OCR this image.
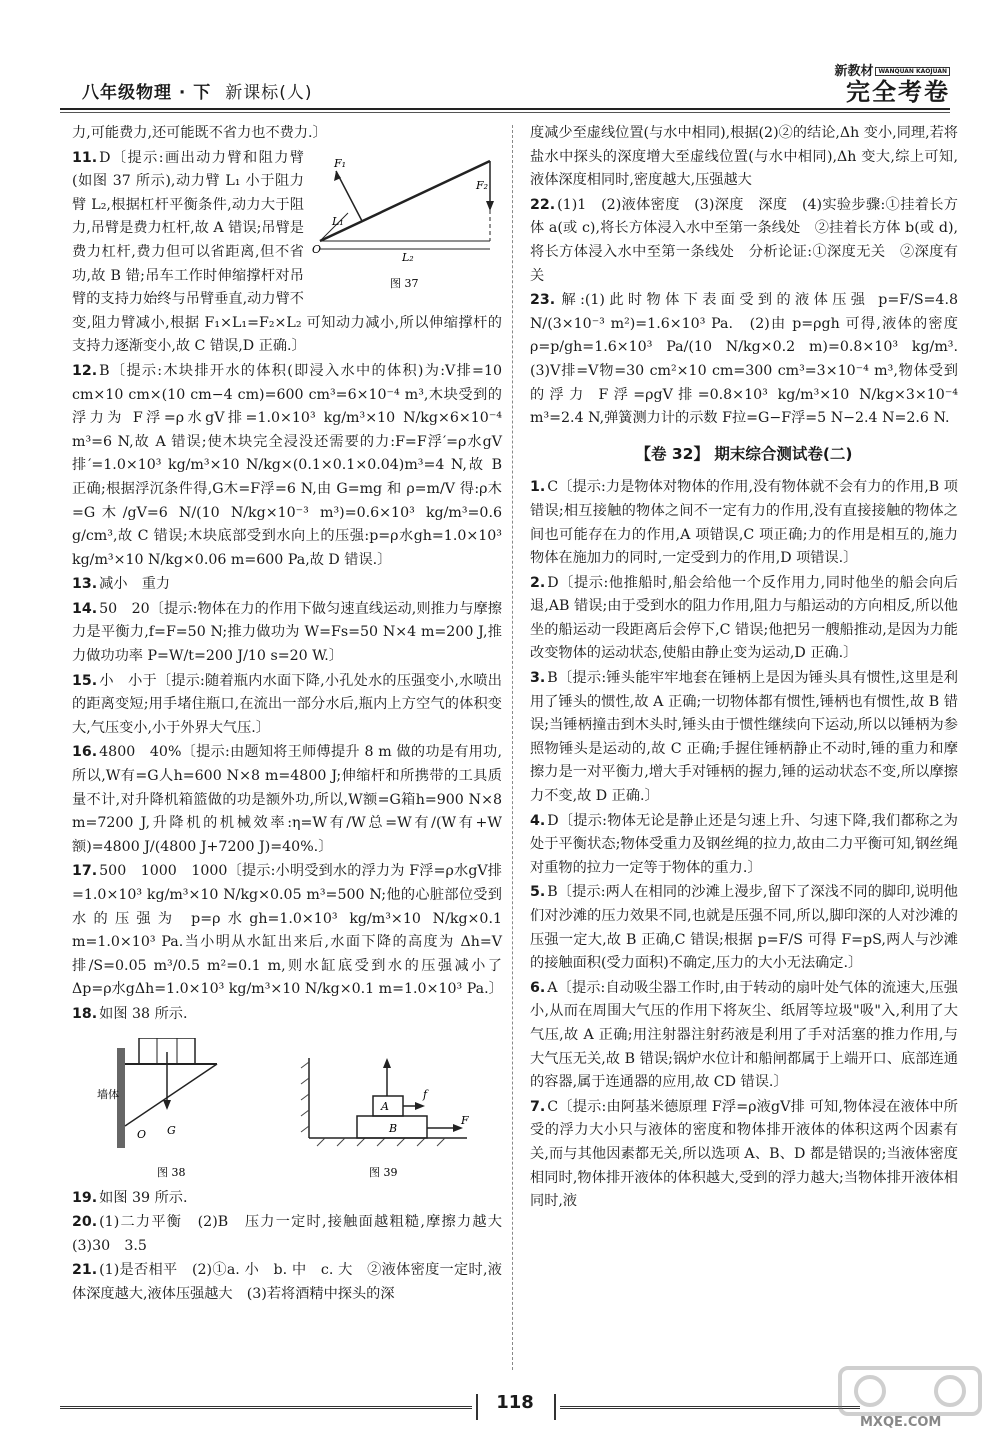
八年级物理 · 下 新课标(人)
新教材 WANQUAN KAOJUAN
完全考卷
力,可能费力,还可能既不省力也不费力.〕
F₁
F₂
L₁
L₂
O
图 37
11. D〔提示:画出动力臂和阻力臂(如图 37 所示),动力臂 L₁ 小于阻力臂 L₂,根据杠杆平衡条件,动力大于阻力,吊臂是费力杠杆,故 A 错误;吊臂是费力杠杆,费力但可以省距离,但不省功,故 B 错;吊车工作时伸缩撑杆对吊臂的支持力始终与吊臂垂直,动力臂不变,阻力臂减小,根据 F₁×L₁=F₂×L₂ 可知动力减小,所以伸缩撑杆的支持力逐渐变小,故 C 错误,D 正确.〕
12. B〔提示:木块排开水的体积(即浸入水中的体积)为:V排=10 cm×10 cm×(10 cm−4 cm)=600 cm³=6×10⁻⁴ m³,木块受到的浮力为 F浮=ρ水gV排=1.0×10³ kg/m³×10 N/kg×6×10⁻⁴ m³=6 N,故 A 错误;使木块完全浸没还需要的力:F=F浮′=ρ水gV排′=1.0×10³ kg/m³×10 N/kg×(0.1×0.1×0.04)m³=4 N,故 B 正确;根据浮沉条件得,G木=F浮=6 N,由 G=mg 和 ρ=m/V 得:ρ木=G木/gV=6 N/(10 N/kg×10⁻³ m³)=0.6×10³ kg/m³=0.6 g/cm³,故 C 错误;木块底部受到水向上的压强:p=ρ水gh=1.0×10³ kg/m³×10 N/kg×0.06 m=600 Pa,故 D 错误.〕
13. 减小　重力
14. 50　20〔提示:物体在力的作用下做匀速直线运动,则推力与摩擦力是平衡力,f=F=50 N;推力做功为 W=Fs=50 N×4 m=200 J,推力做功功率 P=W/t=200 J/10 s=20 W.〕
15. 小　小于〔提示:随着瓶内水面下降,小孔处水的压强变小,水喷出的距离变短;用手堵住瓶口,在流出一部分水后,瓶内上方空气的体积变大,气压变小,小于外界大气压.〕
16. 4800　40%〔提示:由题知将王师傅提升 8 m 做的功是有用功,所以,W有=G人h=600 N×8 m=4800 J;伸缩杆和所携带的工具质量不计,对升降机箱篮做的功是额外功,所以,W额=G箱h=900 N×8 m=7200 J,升降机的机械效率:η=W有/W总=W有/(W有+W额)=4800 J/(4800 J+7200 J)=40%.〕
17. 500　1000　1000〔提示:小明受到水的浮力为 F浮=ρ水gV排=1.0×10³ kg/m³×10 N/kg×0.05 m³=500 N;他的心脏部位受到水的压强为 p=ρ水gh=1.0×10³ kg/m³×10 N/kg×0.1 m=1.0×10³ Pa.当小明从水缸出来后,水面下降的高度为 Δh=V排/S=0.05 m³/0.5 m²=0.1 m,则水缸底受到水的压强减小了 Δp=ρ水gΔh=1.0×10³ kg/m³×10 N/kg×0.1 m=1.0×10³ Pa.〕
18. 如图 38 所示.
墙体
O G
图 38
A
B
f
F
图 39
19. 如图 39 所示.
20. (1)二力平衡　(2)B　压力一定时,接触面越粗糙,摩擦力越大　(3)30　3.5
21. (1)是否相平　(2)①a. 小　b. 中　c. 大　②液体密度一定时,液体深度越大,液体压强越大　(3)若将酒精中探头的深
度减少至虚线位置(与水中相同),根据(2)②的结论,Δh 变小,同理,若将盐水中探头的深度增大至虚线位置(与水中相同),Δh 变大,综上可知,液体深度相同时,密度越大,压强越大
22. (1)1　(2)液体密度　(3)深度　深度　(4)实验步骤:①挂着长方体 a(或 c),将长方体浸入水中至第一条线处　②挂着长方体 b(或 d),将长方体浸入水中至第一条线处　分析论证:①深度无关　②深度有关
23. 解:(1)此时物体下表面受到的液体压强 p=F/S=4.8 N/(3×10⁻³ m²)=1.6×10³ Pa.　(2)由 p=ρgh 可得,液体的密度 ρ=p/gh=1.6×10³ Pa/(10 N/kg×0.2 m)=0.8×10³ kg/m³.　(3)V排=V物=30 cm²×10 cm=300 cm³=3×10⁻⁴ m³,物体受到的浮力 F浮=ρgV排=0.8×10³ kg/m³×10 N/kg×3×10⁻⁴ m³=2.4 N,弹簧测力计的示数 F拉=G−F浮=5 N−2.4 N=2.6 N.
【卷 32】 期末综合测试卷(二)
1. C〔提示:力是物体对物体的作用,没有物体就不会有力的作用,B 项错误;相互接触的物体之间不一定有力的作用,没有直接接触的物体之间也可能存在力的作用,A 项错误,C 项正确;力的作用是相互的,施力物体在施加力的同时,一定受到力的作用,D 项错误.〕
2. D〔提示:他推船时,船会给他一个反作用力,同时他坐的船会向后退,AB 错误;由于受到水的阻力作用,阻力与船运动的方向相反,所以他坐的船运动一段距离后会停下,C 错误;他把另一艘船推动,是因为力能改变物体的运动状态,使船由静止变为运动,D 正确.〕
3. B〔提示:锤头能牢牢地套在锤柄上是因为锤头具有惯性,这里是利用了锤头的惯性,故 A 正确;一切物体都有惯性,锤柄也有惯性,故 B 错误;当锤柄撞击到木头时,锤头由于惯性继续向下运动,所以以锤柄为参照物锤头是运动的,故 C 正确;手握住锤柄静止不动时,锤的重力和摩擦力是一对平衡力,增大手对锤柄的握力,锤的运动状态不变,所以摩擦力不变,故 D 正确.〕
4. D〔提示:物体无论是静止还是匀速上升、匀速下降,我们都称之为处于平衡状态;物体受重力及钢丝绳的拉力,故由二力平衡可知,钢丝绳对重物的拉力一定等于物体的重力.〕
5. B〔提示:两人在相同的沙滩上漫步,留下了深浅不同的脚印,说明他们对沙滩的压力效果不同,也就是压强不同,所以,脚印深的人对沙滩的压强一定大,故 B 正确,C 错误;根据 p=F/S 可得 F=pS,两人与沙滩的接触面积(受力面积)不确定,压力的大小无法确定.〕
6. A〔提示:自动吸尘器工作时,由于转动的扇叶处气体的流速大,压强小,从而在周围大气压的作用下将灰尘、纸屑等垃圾"吸"入,利用了大气压,故 A 正确;用注射器注射药液是利用了手对活塞的推力作用,与大气压无关,故 B 错误;锅炉水位计和船闸都属于上端开口、底部连通的容器,属于连通器的应用,故 CD 错误.〕
7. C〔提示:由阿基米德原理 F浮=ρ液gV排 可知,物体浸在液体中所受的浮力大小只与液体的密度和物体排开液体的体积这两个因素有关,而与其他因素都无关,所以选项 A、B、D 都是错误的;当液体密度相同时,物体排开液体的体积越大,受到的浮力越大;当物体排开液体相同时,液
118
MXQE.COM
